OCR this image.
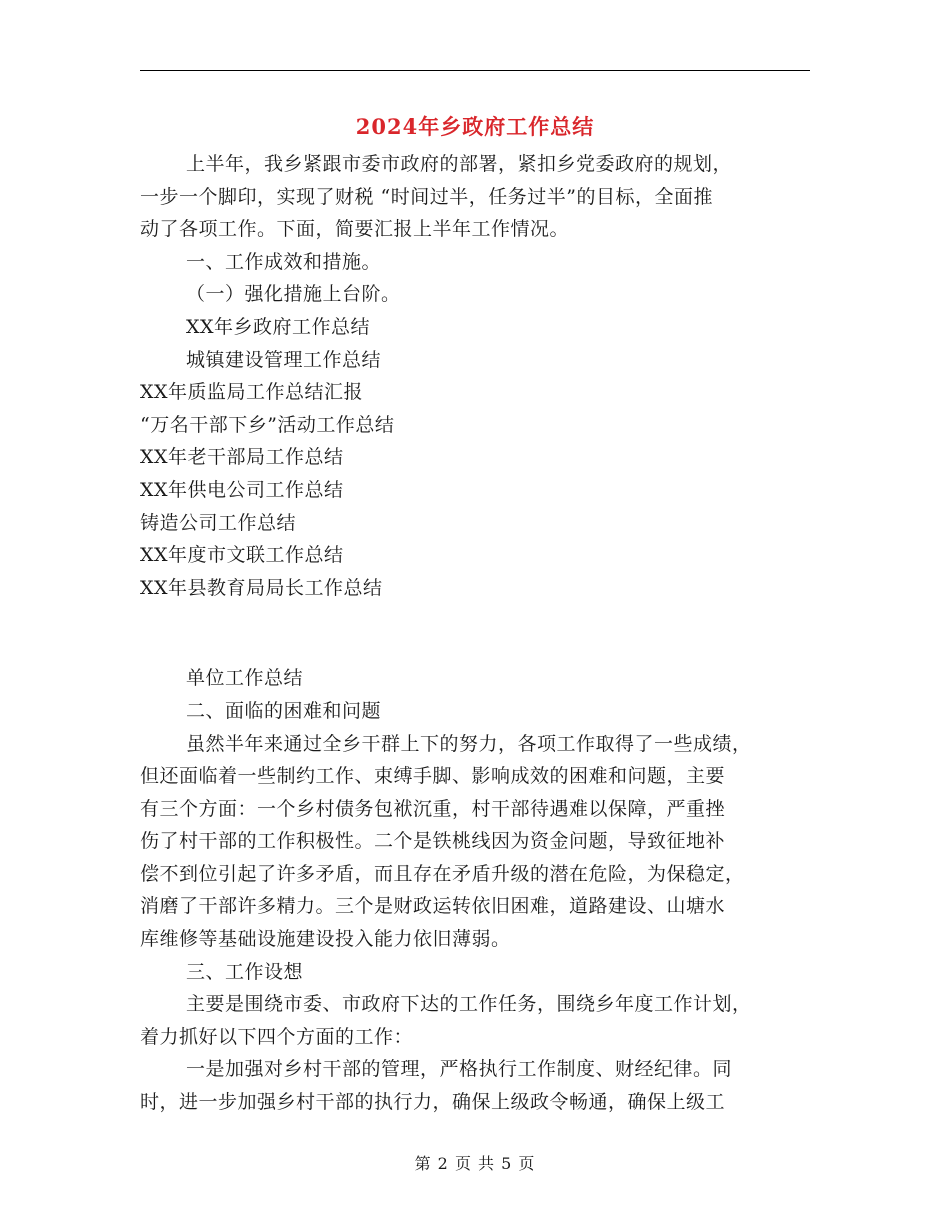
2024年乡政府工作总结

上半年，我乡紧跟市委市政府的部署，紧扣乡党委政府的规划，

一步一个脚印，实现了财税 “时间过半，任务过半”的目标，全面推

动了各项工作。下面，简要汇报上半年工作情况。

一、工作成效和措施。

（一）强化措施上台阶。

XX年乡政府工作总结

城镇建设管理工作总结

XX年质监局工作总结汇报

“万名干部下乡”活动工作总结

XX年老干部局工作总结

XX年供电公司工作总结

铸造公司工作总结

XX年度市文联工作总结

XX年县教育局局长工作总结

单位工作总结

二、面临的困难和问题

虽然半年来通过全乡干群上下的努力，各项工作取得了一些成绩，

但还面临着一些制约工作、束缚手脚、影响成效的困难和问题，主要

有三个方面：一个乡村债务包袱沉重，村干部待遇难以保障，严重挫

伤了村干部的工作积极性。二个是铁桃线因为资金问题，导致征地补

偿不到位引起了许多矛盾，而且存在矛盾升级的潜在危险，为保稳定，

消磨了干部许多精力。三个是财政运转依旧困难，道路建设、山塘水

库维修等基础设施建设投入能力依旧薄弱。

三、工作设想

主要是围绕市委、市政府下达的工作任务，围绕乡年度工作计划，

着力抓好以下四个方面的工作：

一是加强对乡村干部的管理，严格执行工作制度、财经纪律。同

时，进一步加强乡村干部的执行力，确保上级政令畅通，确保上级工

第 2 页 共 5 页
